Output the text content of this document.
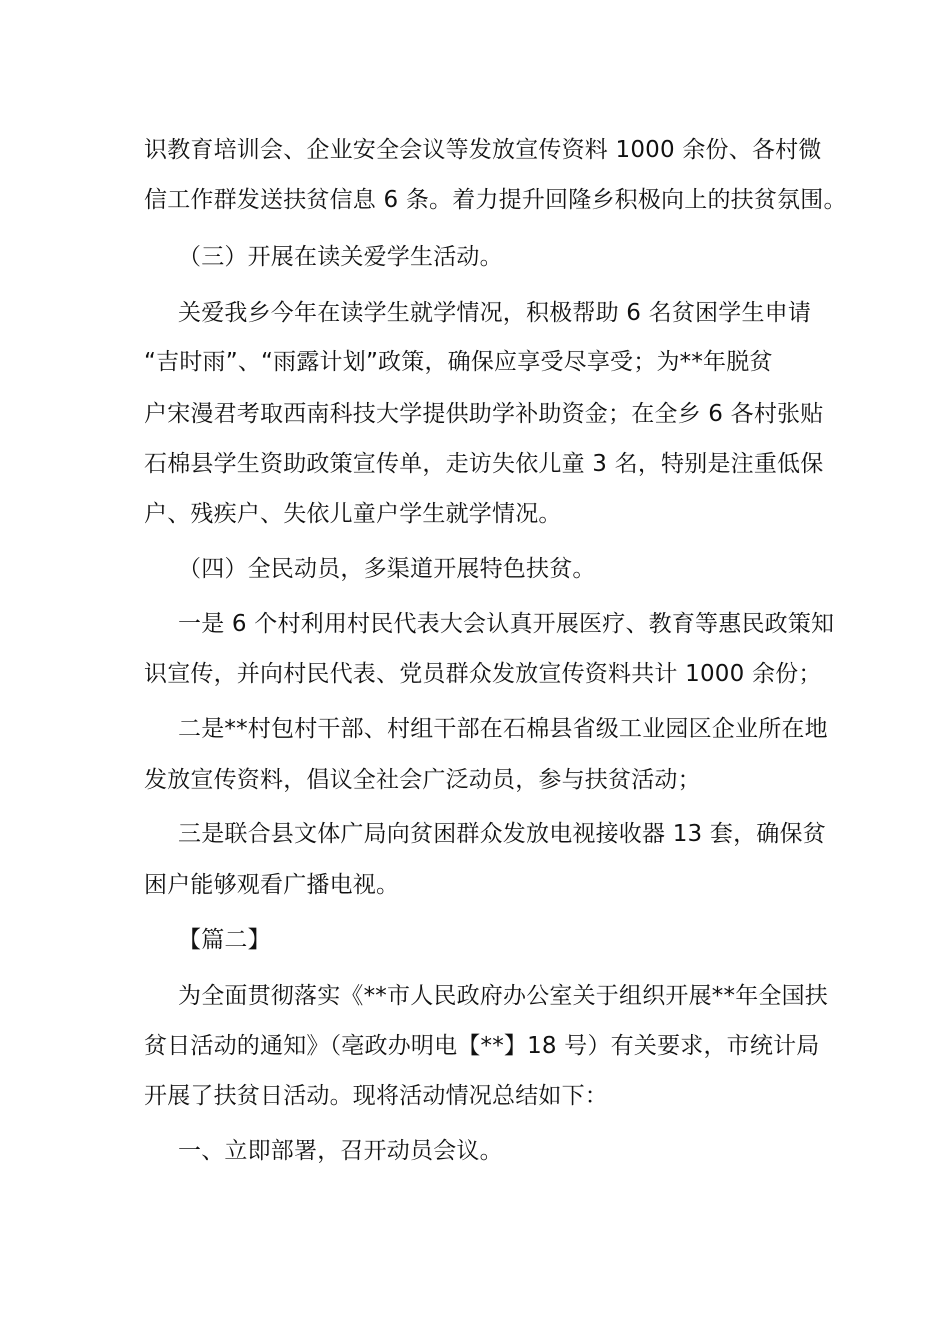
识教育培训会、企业安全会议等发放宣传资料 1000 余份、各村微
信工作群发送扶贫信息 6 条。着力提升回隆乡积极向上的扶贫氛围。
（三）开展在读关爱学生活动。
关爱我乡今年在读学生就学情况，积极帮助 6 名贫困学生申请
“吉时雨”、“雨露计划”政策，确保应享受尽享受；为**年脱贫
户宋漫君考取西南科技大学提供助学补助资金；在全乡 6 各村张贴
石棉县学生资助政策宣传单，走访失依儿童 3 名，特别是注重低保
户、残疾户、失依儿童户学生就学情况。
（四）全民动员，多渠道开展特色扶贫。
一是 6 个村利用村民代表大会认真开展医疗、教育等惠民政策知
识宣传，并向村民代表、党员群众发放宣传资料共计 1000 余份；
二是**村包村干部、村组干部在石棉县省级工业园区企业所在地
发放宣传资料，倡议全社会广泛动员，参与扶贫活动；
三是联合县文体广局向贫困群众发放电视接收器 13 套，确保贫
困户能够观看广播电视。
【篇二】
为全面贯彻落实《**市人民政府办公室关于组织开展**年全国扶
贫日活动的通知》（亳政办明电【**】18 号）有关要求，市统计局
开展了扶贫日活动。现将活动情况总结如下：
一、立即部署，召开动员会议。
